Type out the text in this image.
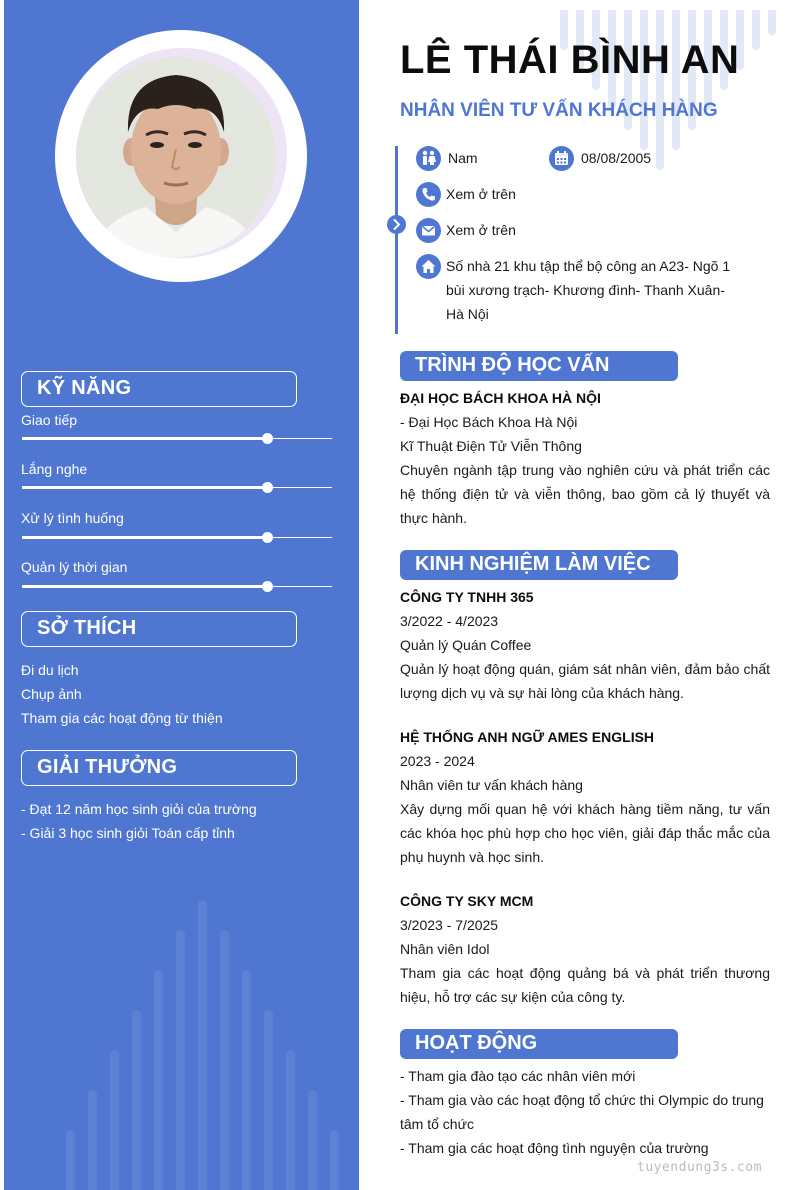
KỸ NĂNG
Giao tiếp
Lắng nghe
Xử lý tình huống
Quản lý thời gian
SỞ THÍCH
Đi du lịch
Chụp ảnh
Tham gia các hoạt động từ thiện
GIẢI THƯỞNG
- Đạt 12 năm học sinh giỏi của trường
- Giải 3 học sinh giỏi Toán cấp tỉnh
LÊ THÁI BÌNH AN
NHÂN VIÊN TƯ VẤN KHÁCH HÀNG
Nam	08/08/2005
Xem ở trên
Xem ở trên
Số nhà 21 khu tập thể bộ công an A23- Ngõ 1 bùi xương trạch- Khương đình- Thanh Xuân- Hà Nội
TRÌNH ĐỘ HỌC VẤN
ĐẠI HỌC BÁCH KHOA HÀ NỘI
- Đại Học Bách Khoa Hà Nội
Kĩ Thuật Điện Tử Viễn Thông
Chuyên ngành tập trung vào nghiên cứu và phát triển các hệ thống điện tử và viễn thông, bao gồm cả lý thuyết và thực hành.
KINH NGHIỆM LÀM VIỆC
CÔNG TY TNHH 365
3/2022 - 4/2023
Quản lý Quán Coffee
Quản lý hoạt động quán, giám sát nhân viên, đảm bảo chất lượng dịch vụ và sự hài lòng của khách hàng.
HỆ THỐNG ANH NGỮ AMES ENGLISH
2023 - 2024
Nhân viên tư vấn khách hàng
Xây dựng mối quan hệ với khách hàng tiềm năng, tư vấn các khóa học phù hợp cho học viên, giải đáp thắc mắc của phụ huynh và học sinh.
CÔNG TY SKY MCM
3/2023 - 7/2025
Nhân viên Idol
Tham gia các hoạt động quảng bá và phát triển thương hiệu, hỗ trợ các sự kiện của công ty.
HOẠT ĐỘNG
- Tham gia đào tạo các nhân viên mới
- Tham gia vào các hoạt động tổ chức thi Olympic do trung tâm tổ chức
- Tham gia các hoạt động tình nguyện của trường
tuyendung3s.com
